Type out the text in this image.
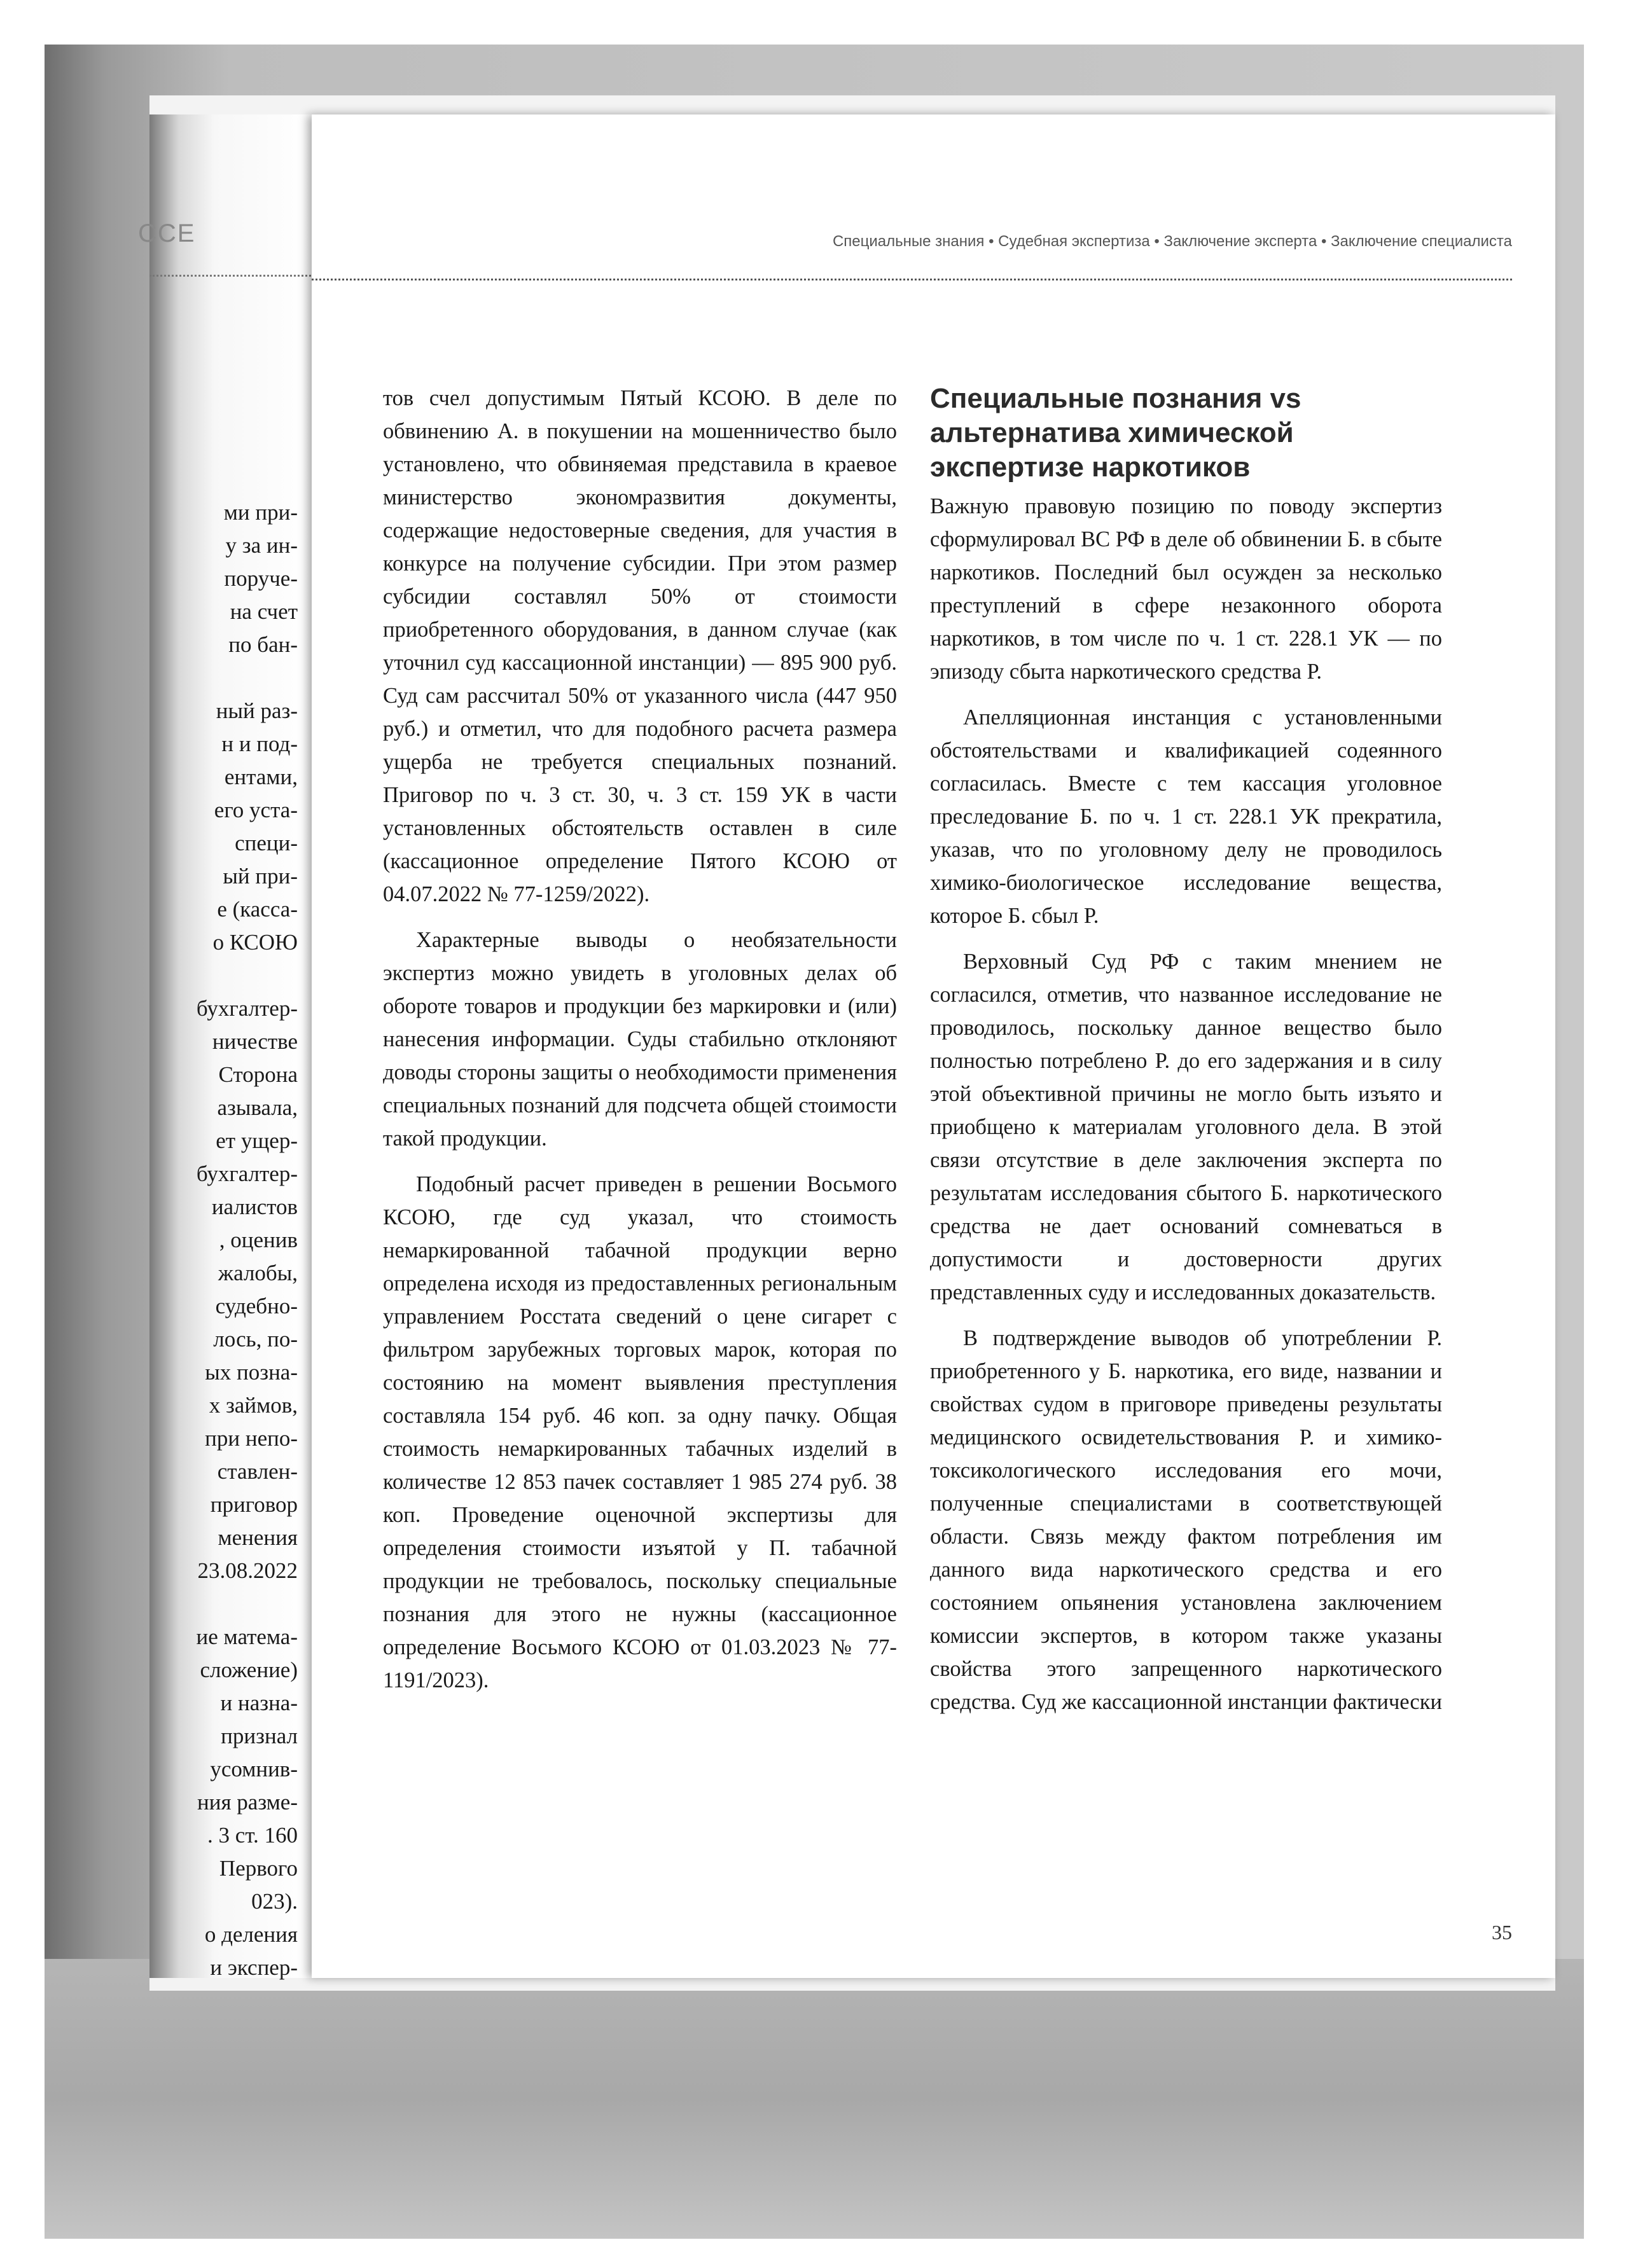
ССЕ
ми при-
у за ин-
поруче-
на счет
по бан-
ный раз-
н и под-
ентами,
его уста-
специ-
ый при-
е (касса-
о КСОЮ
бухгалтер-
ничестве
Сторона
азывала,
ет ущер-
бухгалтер-
иалистов
, оценив
жалобы,
судебно-
лось, по-
ых позна-
х займов,
при непо-
ставлен-
приговор
менения
23.08.2022
ие матема-
сложение)
и назна-
признал
усомнив-
ния разме-
. 3 ст. 160
Первого
023).
о деления
и экспер-
Специальные знания • Судебная экспертиза • Заключение эксперта • Заключение специалиста

тов счел допустимым Пятый КСОЮ. В деле по обвинению А. в покушении на мошенничество было установлено, что обвиняемая представила в краевое министерство экономразвития документы, содержащие недостоверные сведения, для участия в конкурсе на получение субсидии. При этом размер субсидии составлял 50% от стоимости приобретенного оборудования, в данном случае (как уточнил суд кассационной инстанции) — 895 900 руб. Суд сам рассчитал 50% от указанного числа (447 950 руб.) и отметил, что для подобного расчета размера ущерба не требуется специальных познаний. Приговор по ч. 3 ст. 30, ч. 3 ст. 159 УК в части установленных обстоятельств оставлен в силе (кассационное определение Пятого КСОЮ от 04.07.2022 № 77-1259/2022).

Характерные выводы о необязательности экспертиз можно увидеть в уголовных делах об обороте товаров и продукции без маркировки и (или) нанесения информации. Суды стабильно отклоняют доводы стороны защиты о необходимости применения специальных познаний для подсчета общей стоимости такой продукции.

Подобный расчет приведен в решении Восьмого КСОЮ, где суд указал, что стоимость немаркированной табачной продукции верно определена исходя из предоставленных региональным управлением Росстата сведений о цене сигарет с фильтром зарубежных торговых марок, которая по состоянию на момент выявления преступления составляла 154 руб. 46 коп. за одну пачку. Общая стоимость немаркированных табачных изделий в количестве 12 853 пачек составляет 1 985 274 руб. 38 коп. Проведение оценочной экспертизы для определения стоимости изъятой у П. табачной продукции не требовалось, поскольку специальные познания для этого не нужны (кассационное определение Восьмого КСОЮ от 01.03.2023 № 77-1191/2023).

Специальные познания vs альтернатива химической экспертизе наркотиков

Важную правовую позицию по поводу экспертиз сформулировал ВС РФ в деле об обвинении Б. в сбыте наркотиков. Последний был осужден за несколько преступлений в сфере незаконного оборота наркотиков, в том числе по ч. 1 ст. 228.1 УК — по эпизоду сбыта наркотического средства Р.

Апелляционная инстанция с установленными обстоятельствами и квалификацией содеянного согласилась. Вместе с тем кассация уголовное преследование Б. по ч. 1 ст. 228.1 УК прекратила, указав, что по уголовному делу не проводилось химико-биологическое исследование вещества, которое Б. сбыл Р.

Верховный Суд РФ с таким мнением не согласился, отметив, что названное исследование не проводилось, поскольку данное вещество было полностью потреблено Р. до его задержания и в силу этой объективной причины не могло быть изъято и приобщено к материалам уголовного дела. В этой связи отсутствие в деле заключения эксперта по результатам исследования сбытого Б. наркотического средства не дает оснований сомневаться в допустимости и достоверности других представленных суду и исследованных доказательств.

В подтверждение выводов об употреблении Р. приобретенного у Б. наркотика, его виде, названии и свойствах судом в приговоре приведены результаты медицинского освидетельствования Р. и химико-токсикологического исследования его мочи, полученные специалистами в соответствующей области. Связь между фактом потребления им данного вида наркотического средства и его состоянием опьянения установлена заключением комиссии экспертов, в котором также указаны свойства этого запрещенного наркотического средства. Суд же кассационной инстанции фактически

35
